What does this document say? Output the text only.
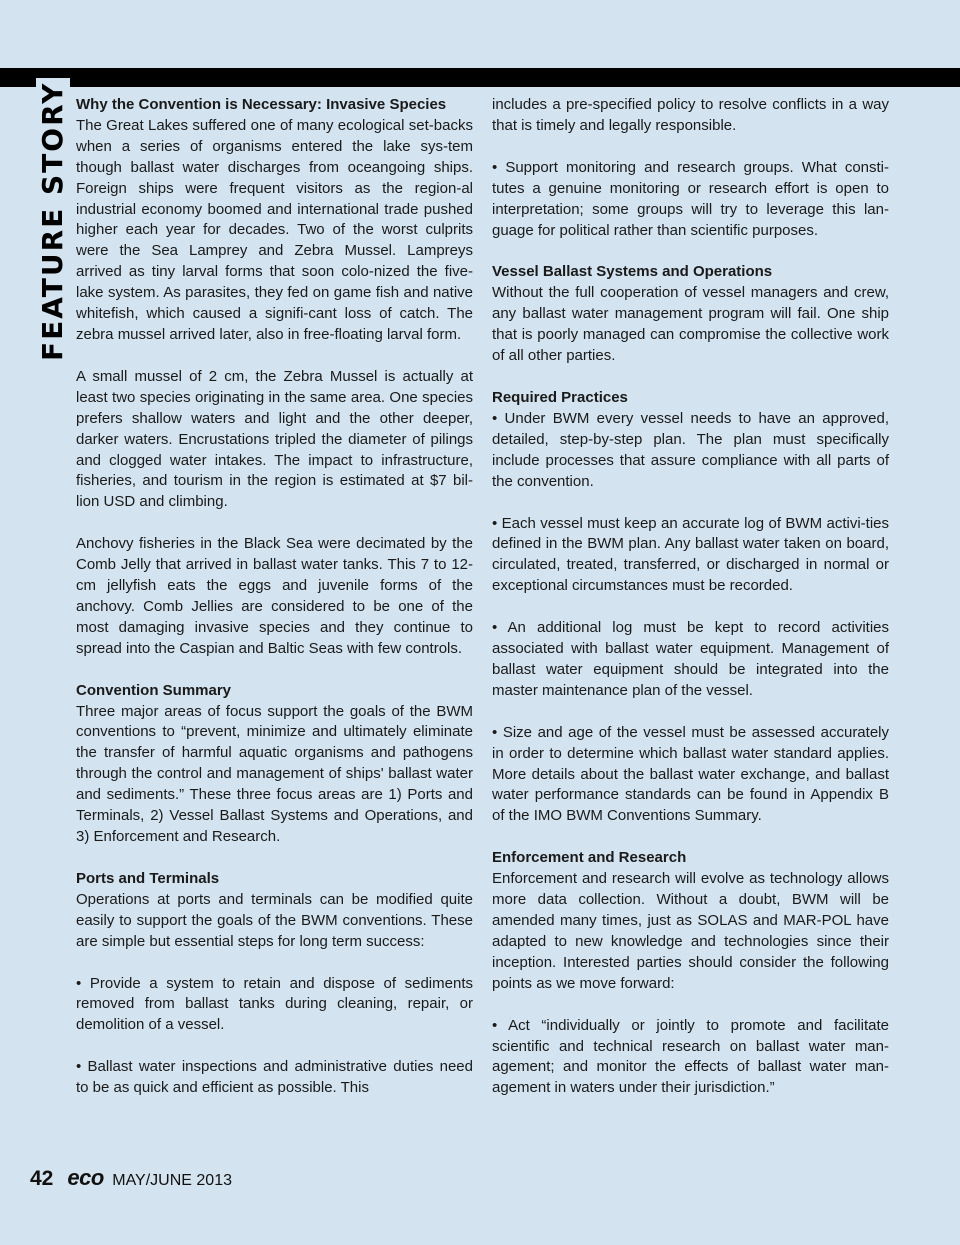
FEATURE STORY Why the Convention is Necessary: Invasive Species

The Great Lakes suffered one of many ecological set-backs when a series of organisms entered the lake sys-tem though ballast water discharges from oceangoing ships. Foreign ships were frequent visitors as the region-al industrial economy boomed and international trade pushed higher each year for decades. Two of the worst culprits were the Sea Lamprey and Zebra Mussel. Lampreys arrived as tiny larval forms that soon colo-nized the five-lake system. As parasites, they fed on game fish and native whitefish, which caused a signifi-cant loss of catch. The zebra mussel arrived later, also in free-floating larval form.

A small mussel of 2 cm, the Zebra Mussel is actually at least two species originating in the same area. One species prefers shallow waters and light and the other deeper, darker waters. Encrustations tripled the diameter of pilings and clogged water intakes. The impact to infrastructure, fisheries, and tourism in the region is estimated at $7 bil-lion USD and climbing.

Anchovy fisheries in the Black Sea were decimated by the Comb Jelly that arrived in ballast water tanks. This 7 to 12-cm jellyfish eats the eggs and juvenile forms of the anchovy. Comb Jellies are considered to be one of the most damaging invasive species and they continue to spread into the Caspian and Baltic Seas with few controls.

Convention Summary

Three major areas of focus support the goals of the BWM conventions to “prevent, minimize and ultimately eliminate the transfer of harmful aquatic organisms and pathogens through the control and management of ships' ballast water and sediments.” These three focus areas are 1) Ports and Terminals, 2) Vessel Ballast Systems and Operations, and 3) Enforcement and Research.

Ports and Terminals

Operations at ports and terminals can be modified quite easily to support the goals of the BWM conventions. These are simple but essential steps for long term success:

• Provide a system to retain and dispose of sediments removed from ballast tanks during cleaning, repair, or demolition of a vessel.

• Ballast water inspections and administrative duties need to be as quick and efficient as possible. This

includes a pre-specified policy to resolve conflicts in a way that is timely and legally responsible.

• Support monitoring and research groups. What consti-tutes a genuine monitoring or research effort is open to interpretation; some groups will try to leverage this lan-guage for political rather than scientific purposes.

Vessel Ballast Systems and Operations

Without the full cooperation of vessel managers and crew, any ballast water management program will fail. One ship that is poorly managed can compromise the collective work of all other parties.

Required Practices

• Under BWM every vessel needs to have an approved, detailed, step-by-step plan. The plan must specifically include processes that assure compliance with all parts of the convention.

• Each vessel must keep an accurate log of BWM activi-ties defined in the BWM plan. Any ballast water taken on board, circulated, treated, transferred, or discharged in normal or exceptional circumstances must be recorded.

• An additional log must be kept to record activities associated with ballast water equipment. Management of ballast water equipment should be integrated into the master maintenance plan of the vessel.

• Size and age of the vessel must be assessed accurately in order to determine which ballast water standard applies. More details about the ballast water exchange, and ballast water performance standards can be found in Appendix B of the IMO BWM Conventions Summary.

Enforcement and Research

Enforcement and research will evolve as technology allows more data collection. Without a doubt, BWM will be amended many times, just as SOLAS and MAR-POL have adapted to new knowledge and technologies since their inception. Interested parties should consider the following points as we move forward:

• Act “individually or jointly to promote and facilitate scientific and technical research on ballast water man-agement; and monitor the effects of ballast water man-agement in waters under their jurisdiction.”

42 eco MAY/JUNE 2013
